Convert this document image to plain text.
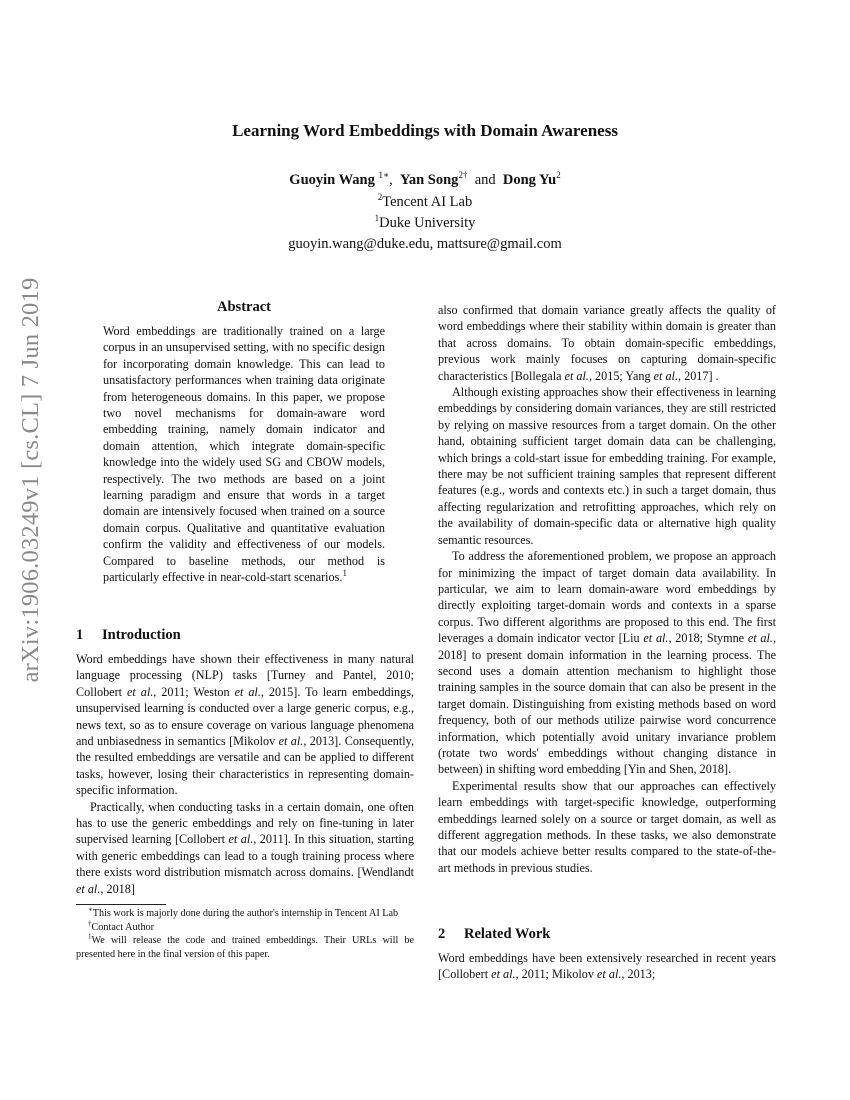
arXiv:1906.03249v1 [cs.CL] 7 Jun 2019
Learning Word Embeddings with Domain Awareness
Guoyin Wang $^{1∗}$, Yan Song$^{2\dagger}$ and Dong Yu$^2$
$^2$Tencent AI Lab
$^1$Duke University
guoyin.wang@duke.edu, mattsure@gmail.com
Abstract

Word embeddings are traditionally trained on a large corpus in an unsupervised setting, with no specific design for incorporating domain knowledge. This can lead to unsatisfactory performances when training data originate from heterogeneous domains. In this paper, we propose two novel mechanisms for domain-aware word embedding training, namely domain indicator and domain attention, which integrate domain-specific knowledge into the widely used SG and CBOW models, respectively. The two methods are based on a joint learning paradigm and ensure that words in a target domain are intensively focused when trained on a source domain corpus. Qualitative and quantitative evaluation confirm the validity and effectiveness of our models. Compared to baseline methods, our method is particularly effective in near-cold-start scenarios.$^1$

1 Introduction

Word embeddings have shown their effectiveness in many natural language processing (NLP) tasks [Turney and Pantel, 2010; Collobert et al., 2011; Weston et al., 2015]. To learn embeddings, unsupervised learning is conducted over a large generic corpus, e.g., news text, so as to ensure coverage on various language phenomena and unbiasedness in semantics [Mikolov et al., 2013]. Consequently, the resulted embeddings are versatile and can be applied to different tasks, however, losing their characteristics in representing domain-specific information.

Practically, when conducting tasks in a certain domain, one often has to use the generic embeddings and rely on fine-tuning in later supervised learning [Collobert et al., 2011]. In this situation, starting with generic embeddings can lead to a tough training process where there exists word distribution mismatch across domains. [Wendlandt et al., 2018]

∗This work is majorly done during the author's internship in Tencent AI Lab

†Contact Author

$^1$We will release the code and trained embeddings. Their URLs will be presented here in the final version of this paper.

also confirmed that domain variance greatly affects the quality of word embeddings where their stability within domain is greater than that across domains. To obtain domain-specific embeddings, previous work mainly focuses on capturing domain-specific characteristics [Bollegala et al., 2015; Yang et al., 2017] .

Although existing approaches show their effectiveness in learning embeddings by considering domain variances, they are still restricted by relying on massive resources from a target domain. On the other hand, obtaining sufficient target domain data can be challenging, which brings a cold-start issue for embedding training. For example, there may be not sufficient training samples that represent different features (e.g., words and contexts etc.) in such a target domain, thus affecting regularization and retrofitting approaches, which rely on the availability of domain-specific data or alternative high quality semantic resources.

To address the aforementioned problem, we propose an approach for minimizing the impact of target domain data availability. In particular, we aim to learn domain-aware word embeddings by directly exploiting target-domain words and contexts in a sparse corpus. Two different algorithms are proposed to this end. The first leverages a domain indicator vector [Liu et al., 2018; Stymne et al., 2018] to present domain information in the learning process. The second uses a domain attention mechanism to highlight those training samples in the source domain that can also be present in the target domain. Distinguishing from existing methods based on word frequency, both of our methods utilize pairwise word concurrence information, which potentially avoid unitary invariance problem (rotate two words' embeddings without changing distance in between) in shifting word embedding [Yin and Shen, 2018].

Experimental results show that our approaches can effectively learn embeddings with target-specific knowledge, outperforming embeddings learned solely on a source or target domain, as well as different aggregation methods. In these tasks, we also demonstrate that our models achieve better results compared to the state-of-the-art methods in previous studies.

2 Related Work

Word embeddings have been extensively researched in recent years [Collobert et al., 2011; Mikolov et al., 2013;
